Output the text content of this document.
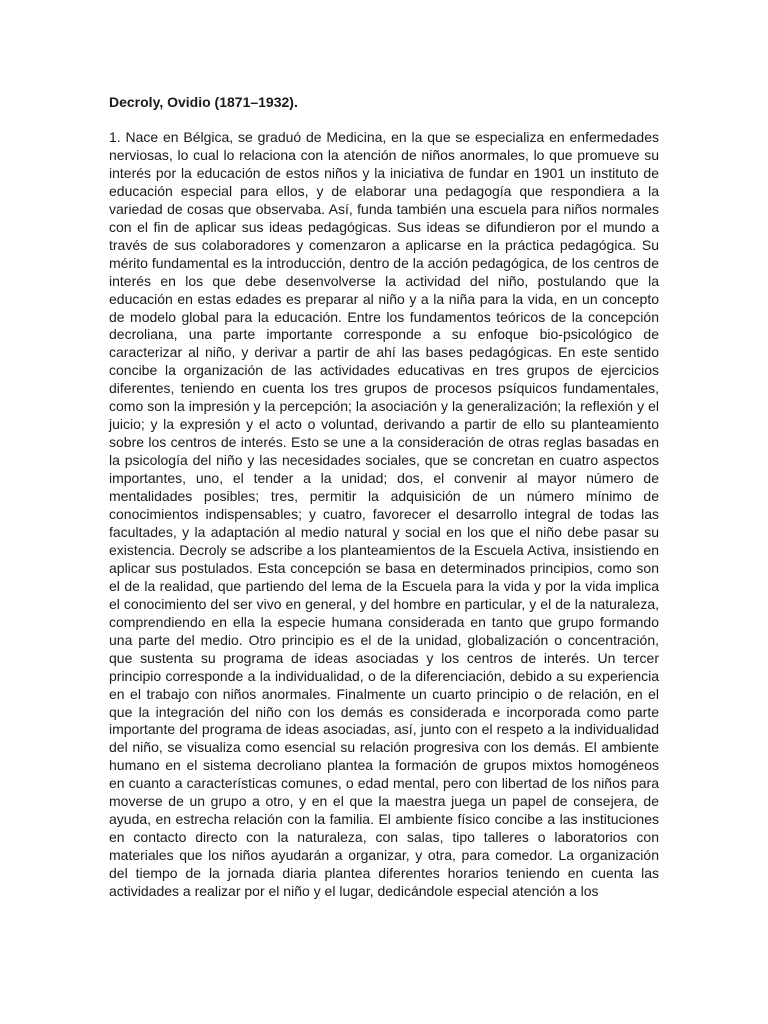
Decroly, Ovidio (1871–1932).

1. Nace en Bélgica, se graduó de Medicina, en la que se especializa en enfermedades nerviosas, lo cual lo relaciona con la atención de niños anormales, lo que promueve su interés por la educación de estos niños y la iniciativa de fundar en 1901 un instituto de educación especial para ellos, y de elaborar una pedagogía que respondiera a la variedad de cosas que observaba. Así, funda también una escuela para niños normales con el fin de aplicar sus ideas pedagógicas. Sus ideas se difundieron por el mundo a través de sus colaboradores y comenzaron a aplicarse en la práctica pedagógica. Su mérito fundamental es la introducción, dentro de la acción pedagógica, de los centros de interés en los que debe desenvolverse la actividad del niño, postulando que la educación en estas edades es preparar al niño y a la niña para la vida, en un concepto de modelo global para la educación. Entre los fundamentos teóricos de la concepción decroliana, una parte importante corresponde a su enfoque bio-psicológico de caracterizar al niño, y derivar a partir de ahí las bases pedagógicas. En este sentido concibe la organización de las actividades educativas en tres grupos de ejercicios diferentes, teniendo en cuenta los tres grupos de procesos psíquicos fundamentales, como son la impresión y la percepción; la asociación y la generalización; la reflexión y el juicio; y la expresión y el acto o voluntad, derivando a partir de ello su planteamiento sobre los centros de interés. Esto se une a la consideración de otras reglas basadas en la psicología del niño y las necesidades sociales, que se concretan en cuatro aspectos importantes, uno, el tender a la unidad; dos, el convenir al mayor número de mentalidades posibles; tres, permitir la adquisición de un número mínimo de conocimientos indispensables; y cuatro, favorecer el desarrollo integral de todas las facultades, y la adaptación al medio natural y social en los que el niño debe pasar su existencia. Decroly se adscribe a los planteamientos de la Escuela Activa, insistiendo en aplicar sus postulados. Esta concepción se basa en determinados principios, como son el de la realidad, que partiendo del lema de la Escuela para la vida y por la vida implica el conocimiento del ser vivo en general, y del hombre en particular, y el de la naturaleza, comprendiendo en ella la especie humana considerada en tanto que grupo formando una parte del medio. Otro principio es el de la unidad, globalización o concentración, que sustenta su programa de ideas asociadas y los centros de interés. Un tercer principio corresponde a la individualidad, o de la diferenciación, debido a su experiencia en el trabajo con niños anormales. Finalmente un cuarto principio o de relación, en el que la integración del niño con los demás es considerada e incorporada como parte importante del programa de ideas asociadas, así, junto con el respeto a la individualidad del niño, se visualiza como esencial su relación progresiva con los demás. El ambiente humano en el sistema decroliano plantea la formación de grupos mixtos homogéneos en cuanto a características comunes, o edad mental, pero con libertad de los niños para moverse de un grupo a otro, y en el que la maestra juega un papel de consejera, de ayuda, en estrecha relación con la familia. El ambiente físico concibe a las instituciones en contacto directo con la naturaleza, con salas, tipo talleres o laboratorios con materiales que los niños ayudarán a organizar, y otra, para comedor. La organización del tiempo de la jornada diaria plantea diferentes horarios teniendo en cuenta las actividades a realizar por el niño y el lugar, dedicándole especial atención a los
